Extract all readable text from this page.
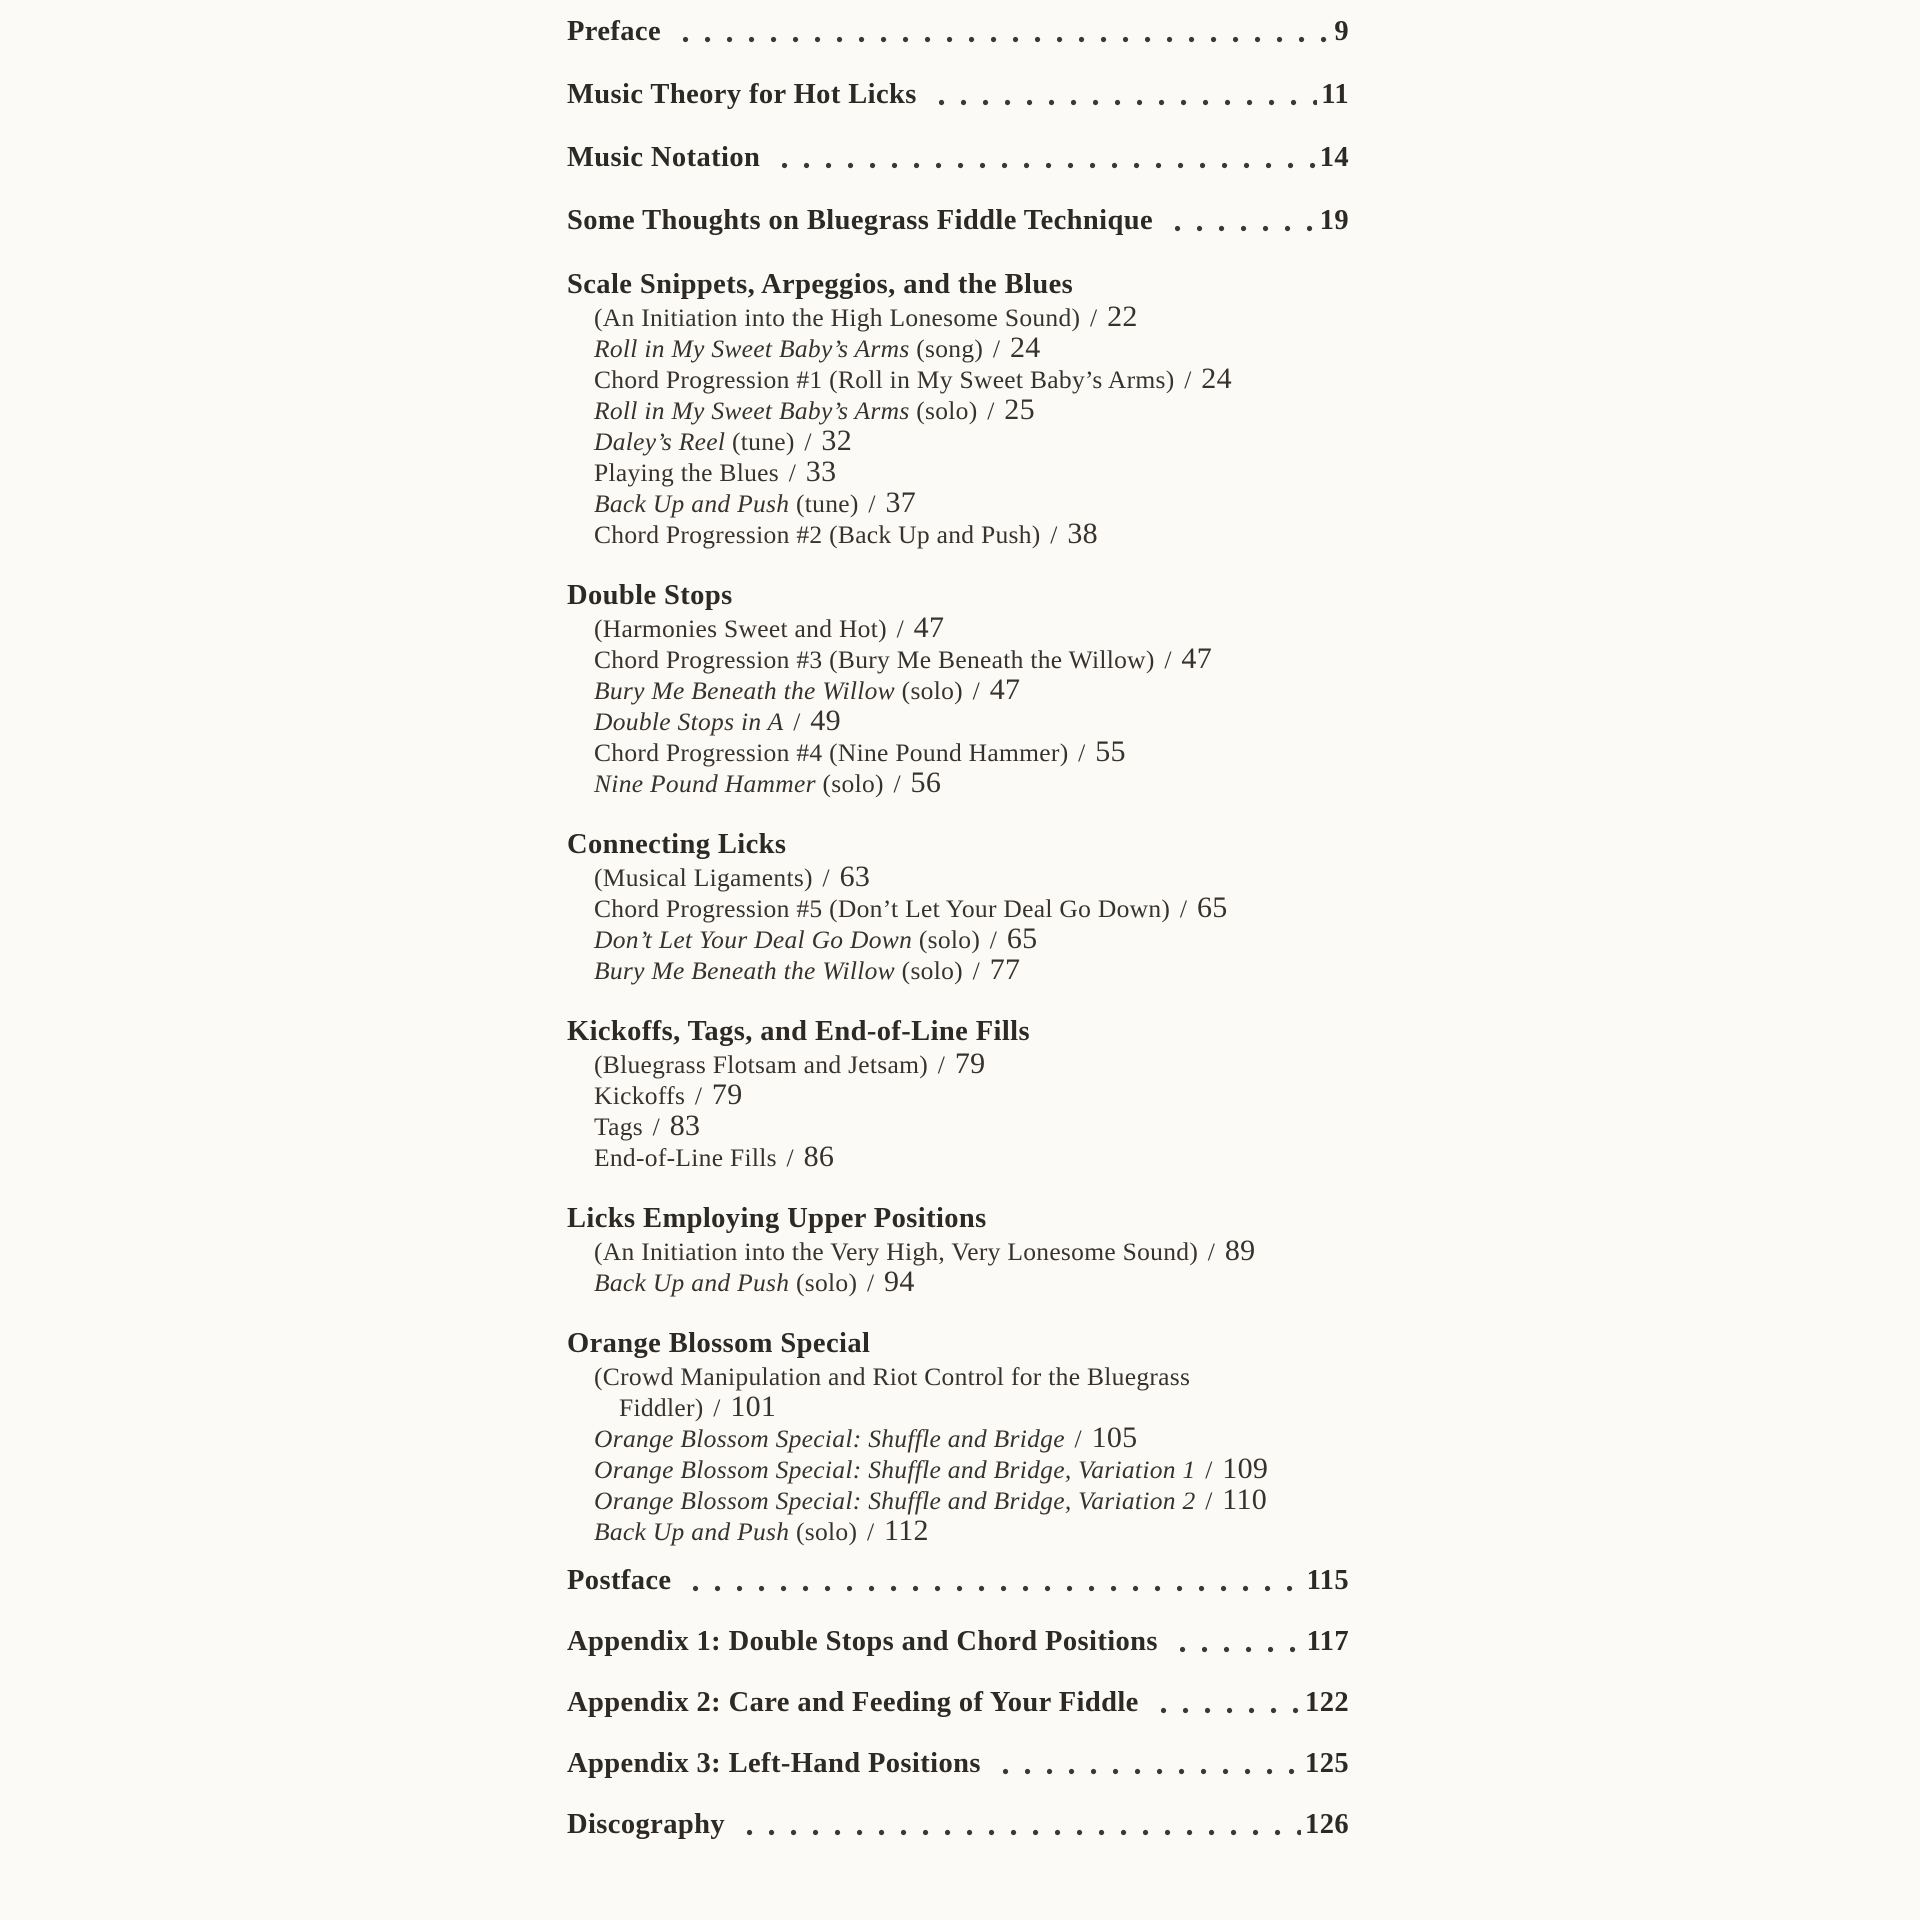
Preface	9
Music Theory for Hot Licks	11
Music Notation	14
Some Thoughts on Bluegrass Fiddle Technique	19
Scale Snippets, Arpeggios, and the Blues
(An Initiation into the High Lonesome Sound) / 22
Roll in My Sweet Baby’s Arms (song) / 24
Chord Progression #1 (Roll in My Sweet Baby’s Arms) / 24
Roll in My Sweet Baby’s Arms (solo) / 25
Daley’s Reel (tune) / 32
Playing the Blues / 33
Back Up and Push (tune) / 37
Chord Progression #2 (Back Up and Push) / 38
Double Stops
(Harmonies Sweet and Hot) / 47
Chord Progression #3 (Bury Me Beneath the Willow) / 47
Bury Me Beneath the Willow (solo) / 47
Double Stops in A / 49
Chord Progression #4 (Nine Pound Hammer) / 55
Nine Pound Hammer (solo) / 56
Connecting Licks
(Musical Ligaments) / 63
Chord Progression #5 (Don’t Let Your Deal Go Down) / 65
Don’t Let Your Deal Go Down (solo) / 65
Bury Me Beneath the Willow (solo) / 77
Kickoffs, Tags, and End-of-Line Fills
(Bluegrass Flotsam and Jetsam) / 79
Kickoffs / 79
Tags / 83
End-of-Line Fills / 86
Licks Employing Upper Positions
(An Initiation into the Very High, Very Lonesome Sound) / 89
Back Up and Push (solo) / 94
Orange Blossom Special
(Crowd Manipulation and Riot Control for the Bluegrass
Fiddler) / 101
Orange Blossom Special: Shuffle and Bridge / 105
Orange Blossom Special: Shuffle and Bridge, Variation 1 / 109
Orange Blossom Special: Shuffle and Bridge, Variation 2 / 110
Back Up and Push (solo) / 112
Postface	115
Appendix 1: Double Stops and Chord Positions	117
Appendix 2: Care and Feeding of Your Fiddle	122
Appendix 3: Left-Hand Positions	125
Discography	126
